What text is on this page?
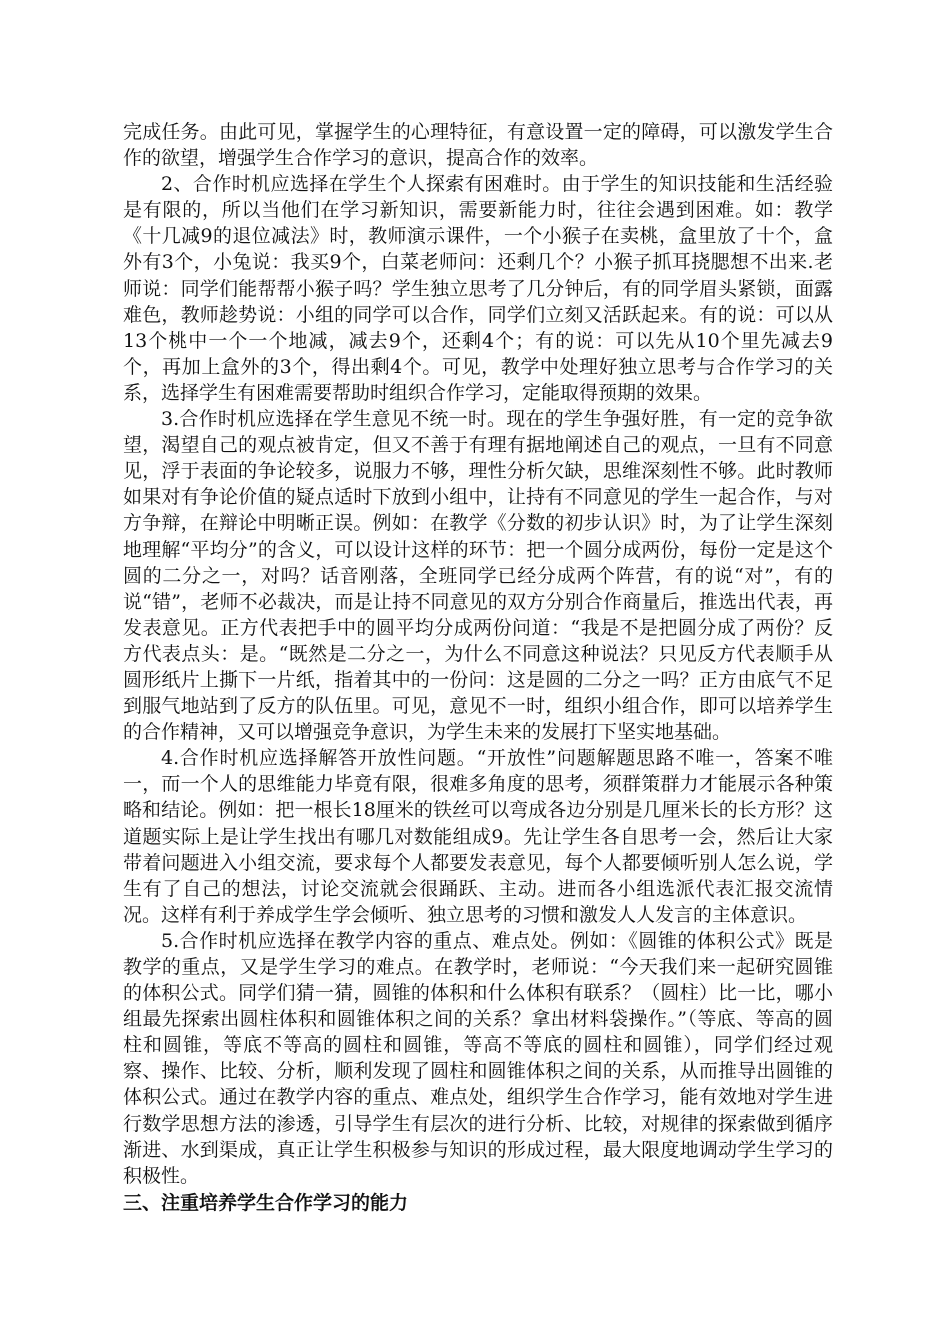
完成任务。由此可见，掌握学生的心理特征，有意设置一定的障碍，可以激发学生合作的欲望，增强学生合作学习的意识，提高合作的效率。

2、合作时机应选择在学生个人探索有困难时。由于学生的知识技能和生活经验是有限的，所以当他们在学习新知识，需要新能力时，往往会遇到困难。如：教学《十几减9的退位减法》时，教师演示课件，一个小猴子在卖桃，盒里放了十个，盒外有3个，小兔说：我买9个，白菜老师问：还剩几个？小猴子抓耳挠腮想不出来.老师说：同学们能帮帮小猴子吗？学生独立思考了几分钟后，有的同学眉头紧锁，面露难色，教师趁势说：小组的同学可以合作，同学们立刻又活跃起来。有的说：可以从13个桃中一个一个地减，减去9个，还剩4个；有的说：可以先从10个里先减去9个，再加上盒外的3个，得出剩4个。可见，教学中处理好独立思考与合作学习的关系，选择学生有困难需要帮助时组织合作学习，定能取得预期的效果。

3.合作时机应选择在学生意见不统一时。现在的学生争强好胜，有一定的竞争欲望，渴望自己的观点被肯定，但又不善于有理有据地阐述自己的观点，一旦有不同意见，浮于表面的争论较多，说服力不够，理性分析欠缺，思维深刻性不够。此时教师如果对有争论价值的疑点适时下放到小组中，让持有不同意见的学生一起合作，与对方争辩，在辩论中明晰正误。例如：在教学《分数的初步认识》时，为了让学生深刻地理解“平均分”的含义，可以设计这样的环节：把一个圆分成两份，每份一定是这个圆的二分之一，对吗？话音刚落，全班同学已经分成两个阵营，有的说“对”，有的说“错”，老师不必裁决，而是让持不同意见的双方分别合作商量后，推选出代表，再发表意见。正方代表把手中的圆平均分成两份问道：“我是不是把圆分成了两份？反方代表点头：是。“既然是二分之一，为什么不同意这种说法？只见反方代表顺手从圆形纸片上撕下一片纸，指着其中的一份问：这是圆的二分之一吗？正方由底气不足到服气地站到了反方的队伍里。可见，意见不一时，组织小组合作，即可以培养学生的合作精神，又可以增强竞争意识，为学生未来的发展打下坚实地基础。

4.合作时机应选择解答开放性问题。“开放性”问题解题思路不唯一，答案不唯一，而一个人的思维能力毕竟有限，很难多角度的思考，须群策群力才能展示各种策略和结论。例如：把一根长18厘米的铁丝可以弯成各边分别是几厘米长的长方形？这道题实际上是让学生找出有哪几对数能组成9。先让学生各自思考一会，然后让大家带着问题进入小组交流，要求每个人都要发表意见，每个人都要倾听别人怎么说，学生有了自己的想法，讨论交流就会很踊跃、主动。进而各小组选派代表汇报交流情况。这样有利于养成学生学会倾听、独立思考的习惯和激发人人发言的主体意识。

5.合作时机应选择在教学内容的重点、难点处。例如：《圆锥的体积公式》既是教学的重点，又是学生学习的难点。在教学时，老师说：“今天我们来一起研究圆锥的体积公式。同学们猜一猜，圆锥的体积和什么体积有联系？（圆柱）比一比，哪小组最先探索出圆柱体积和圆锥体积之间的关系？拿出材料袋操作。”（等底、等高的圆柱和圆锥，等底不等高的圆柱和圆锥，等高不等底的圆柱和圆锥），同学们经过观察、操作、比较、分析，顺利发现了圆柱和圆锥体积之间的关系，从而推导出圆锥的体积公式。通过在教学内容的重点、难点处，组织学生合作学习，能有效地对学生进行数学思想方法的渗透，引导学生有层次的进行分析、比较，对规律的探索做到循序渐进、水到渠成，真正让学生积极参与知识的形成过程，最大限度地调动学生学习的积极性。

三、注重培养学生合作学习的能力
